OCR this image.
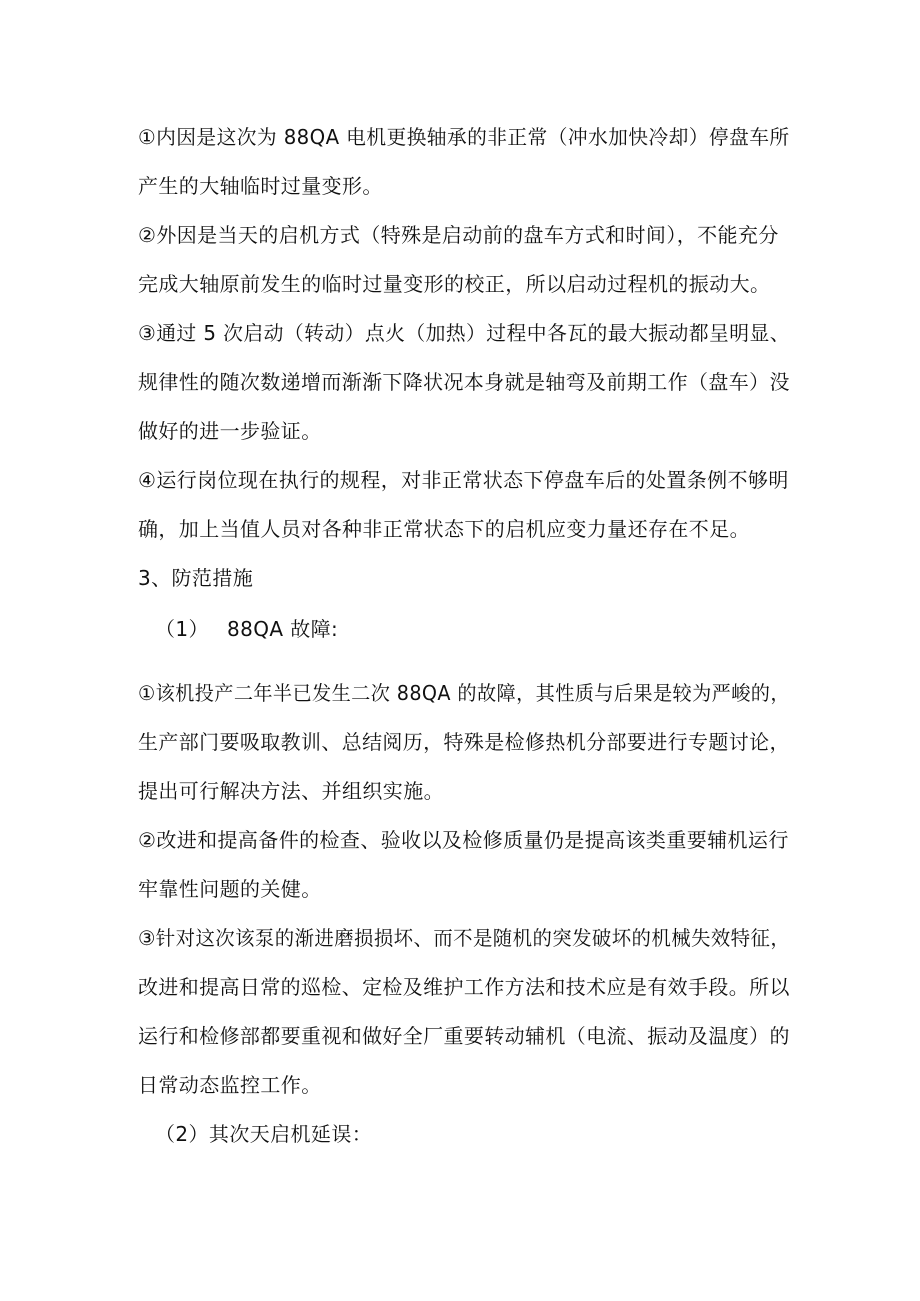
①内因是这次为 88QA 电机更换轴承的非正常（冲水加快冷却）停盘车所
产生的大轴临时过量变形。
②外因是当天的启机方式（特殊是启动前的盘车方式和时间），不能充分
完成大轴原前发生的临时过量变形的校正，所以启动过程机的振动大。
③通过 5 次启动（转动）点火（加热）过程中各瓦的最大振动都呈明显、
规律性的随次数递增而渐渐下降状况本身就是轴弯及前期工作（盘车）没
做好的进一步验证。
④运行岗位现在执行的规程，对非正常状态下停盘车后的处置条例不够明
确，加上当值人员对各种非正常状态下的启机应变力量还存在不足。
3、防范措施
（1） 88QA 故障:
①该机投产二年半已发生二次 88QA 的故障，其性质与后果是较为严峻的，
生产部门要吸取教训、总结阅历，特殊是检修热机分部要进行专题讨论，
提出可行解决方法、并组织实施。
②改进和提高备件的检查、验收以及检修质量仍是提高该类重要辅机运行
牢靠性问题的关健。
③针对这次该泵的渐进磨损损坏、而不是随机的突发破坏的机械失效特征，
改进和提高日常的巡检、定检及维护工作方法和技术应是有效手段。所以
运行和检修部都要重视和做好全厂重要转动辅机（电流、振动及温度）的
日常动态监控工作。
（2）其次天启机延误：
